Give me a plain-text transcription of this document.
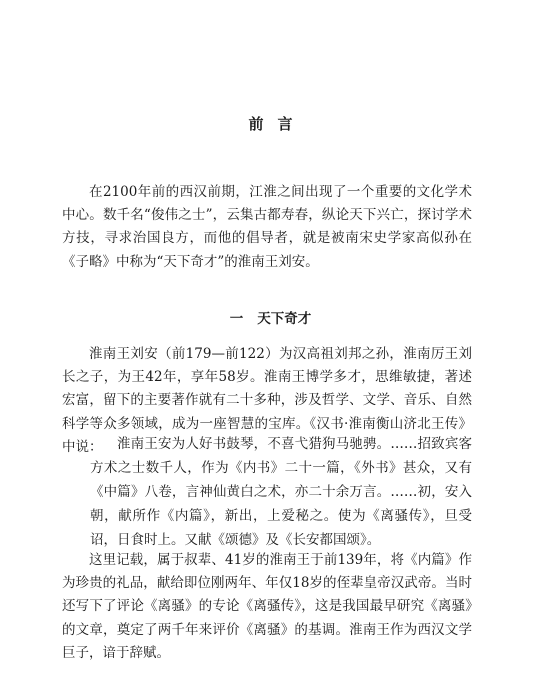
前言

在2100年前的西汉前期，江淮之间出现了一个重要的文化学术中心。数千名“俊伟之士”，云集古都寿春，纵论天下兴亡，探讨学术方技，寻求治国良方，而他的倡导者，就是被南宋史学家高似孙在《子略》中称为“天下奇才”的淮南王刘安。

一 天下奇才

淮南王刘安（前179—前122）为汉高祖刘邦之孙，淮南厉王刘长之子，为王42年，享年58岁。淮南王博学多才，思维敏捷，著述宏富，留下的主要著作就有二十多种，涉及哲学、文学、音乐、自然科学等众多领域，成为一座智慧的宝库。《汉书·淮南衡山济北王传》中说：	淮南王安为人好书鼓琴，不喜弋猎狗马驰骋。……招致宾客方术之士数千人，作为《内书》二十一篇，《外书》甚众，又有《中篇》八卷，言神仙黄白之术，亦二十余万言。……初，安入朝，献所作《内篇》，新出，上爱秘之。使为《离骚传》，旦受诏，日食时上。又献《颂德》及《长安都国颂》。

这里记载，属于叔辈、41岁的淮南王于前139年，将《内篇》作为珍贵的礼品，献给即位刚两年、年仅18岁的侄辈皇帝汉武帝。当时还写下了评论《离骚》的专论《离骚传》，这是我国最早研究《离骚》的文章，奠定了两千年来评价《离骚》的基调。淮南王作为西汉文学巨子，谙于辞赋。
